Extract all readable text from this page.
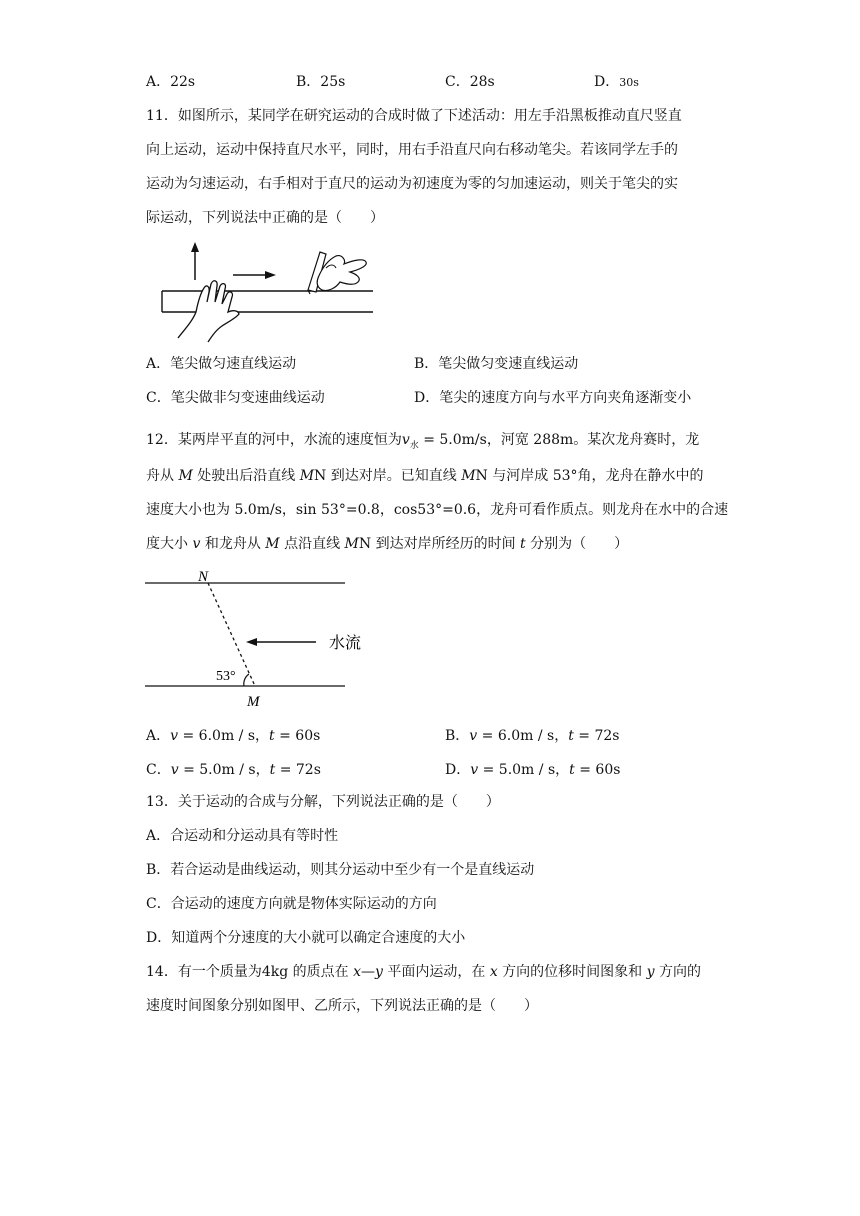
A．22s	B．25s	C．28s	D．30s
11．如图所示，某同学在研究运动的合成时做了下述活动：用左手沿黑板推动直尺竖直
向上运动，运动中保持直尺水平，同时，用右手沿直尺向右移动笔尖。若该同学左手的
运动为匀速运动，右手相对于直尺的运动为初速度为零的匀加速运动，则关于笔尖的实
际运动，下列说法中正确的是（　　）
A．笔尖做匀速直线运动	B．笔尖做匀变速直线运动
C．笔尖做非匀变速曲线运动	D．笔尖的速度方向与水平方向夹角逐渐变小
12．某两岸平直的河中，水流的速度恒为$v_水 = 5.0m/s$，河宽 288m。某次龙舟赛时，龙
舟从 M 处驶出后沿直线 MN 到达对岸。已知直线 MN 与河岸成 53°角，龙舟在静水中的
速度大小也为 5.0m/s，sin 53°=0.8，cos53°=0.6，龙舟可看作质点。则龙舟在水中的合速
度大小 v 和龙舟从 M 点沿直线 MN 到达对岸所经历的时间 t 分别为（　　）
N
M
53°
水流
A．v = 6.0m / s，t = 60s	B．v = 6.0m / s，t = 72s
C．v = 5.0m / s，t = 72s	D．v = 5.0m / s，t = 60s
13．关于运动的合成与分解，下列说法正确的是（　　）
A．合运动和分运动具有等时性
B．若合运动是曲线运动，则其分运动中至少有一个是直线运动
C．合运动的速度方向就是物体实际运动的方向
D．知道两个分速度的大小就可以确定合速度的大小
14．有一个质量为4kg 的质点在 x—y 平面内运动，在 x 方向的位移时间图象和 y 方向的
速度时间图象分别如图甲、乙所示，下列说法正确的是（　　）
